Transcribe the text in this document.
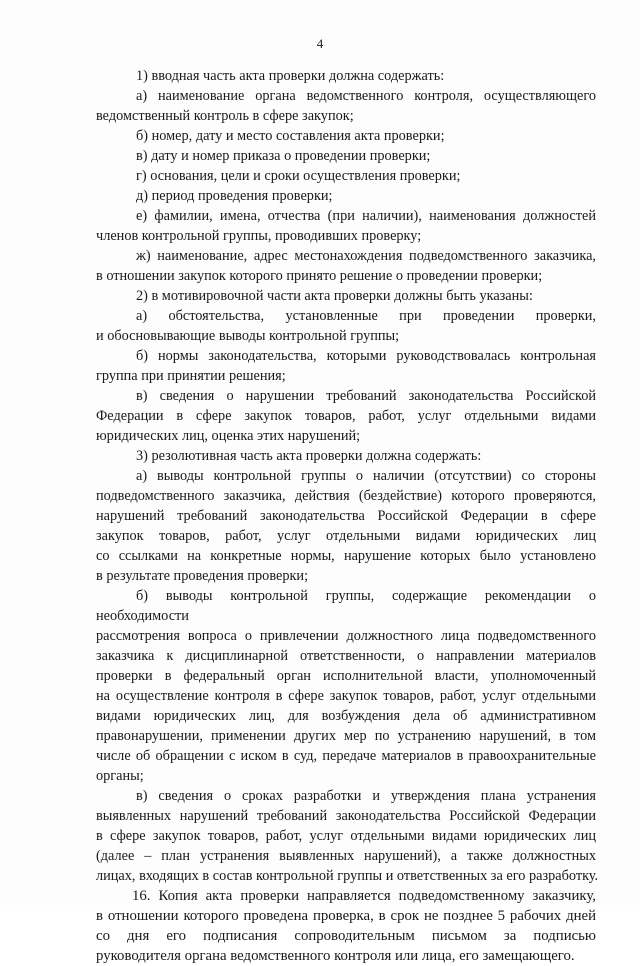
4
1) вводная часть акта проверки должна содержать:
а) наименование органа ведомственного контроля, осуществляющего
ведомственный контроль в сфере закупок;
б) номер, дату и место составления акта проверки;
в) дату и номер приказа о проведении проверки;
г) основания, цели и сроки осуществления проверки;
д) период проведения проверки;
е) фамилии, имена, отчества (при наличии), наименования должностей
членов контрольной группы, проводивших проверку;
ж) наименование, адрес местонахождения подведомственного заказчика,
в отношении закупок которого принято решение о проведении проверки;
2) в мотивировочной части акта проверки должны быть указаны:
а) обстоятельства, установленные при проведении проверки,
и обосновывающие выводы контрольной группы;
б) нормы законодательства, которыми руководствовалась контрольная
группа при принятии решения;
в) сведения о нарушении требований законодательства Российской
Федерации в сфере закупок товаров, работ, услуг отдельными видами
юридических лиц, оценка этих нарушений;
3) резолютивная часть акта проверки должна содержать:
а) выводы контрольной группы о наличии (отсутствии) со стороны
подведомственного заказчика, действия (бездействие) которого проверяются,
нарушений требований законодательства Российской Федерации в сфере
закупок товаров, работ, услуг отдельными видами юридических лиц
со ссылками на конкретные нормы, нарушение которых было установлено
в результате проведения проверки;
б) выводы контрольной группы, содержащие рекомендации о необходимости
рассмотрения вопроса о привлечении должностного лица подведомственного
заказчика к дисциплинарной ответственности, о направлении материалов
проверки в федеральный орган исполнительной власти, уполномоченный
на осуществление контроля в сфере закупок товаров, работ, услуг отдельными
видами юридических лиц, для возбуждения дела об административном
правонарушении, применении других мер по устранению нарушений, в том
числе об обращении с иском в суд, передаче материалов в правоохранительные
органы;
в) сведения о сроках разработки и утверждения плана устранения
выявленных нарушений требований законодательства Российской Федерации
в сфере закупок товаров, работ, услуг отдельными видами юридических лиц
(далее – план устранения выявленных нарушений), а также должностных
лицах, входящих в состав контрольной группы и ответственных за его разработку.
16. Копия акта проверки направляется подведомственному заказчику,
в отношении которого проведена проверка, в срок не позднее 5 рабочих дней
со дня его подписания сопроводительным письмом за подписью
руководителя органа ведомственного контроля или лица, его замещающего.
